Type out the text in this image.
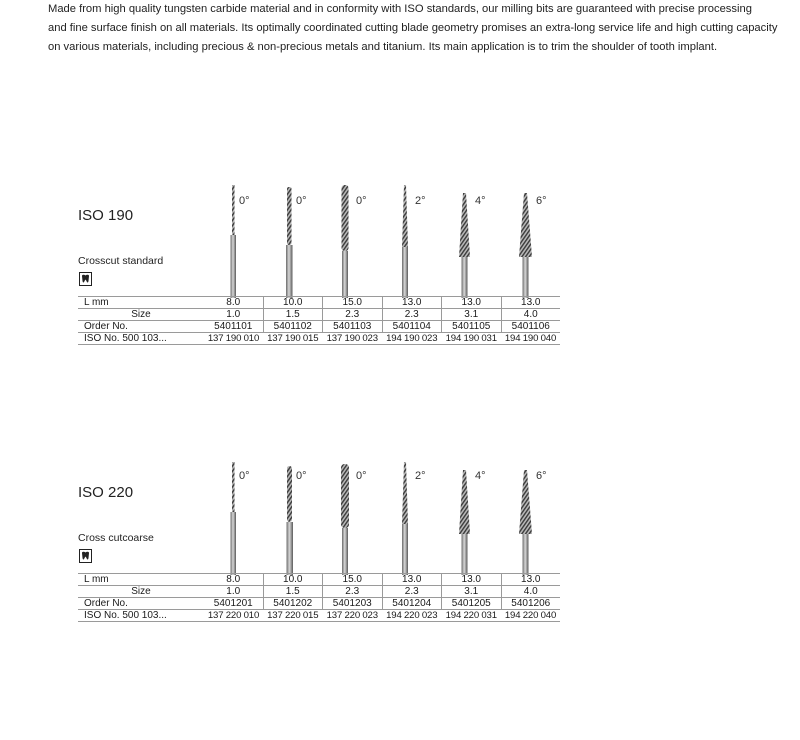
Made from high quality tungsten carbide material and in conformity with ISO standards, our milling bits are guaranteed with precise processing
and fine surface finish on all materials. Its optimally coordinated cutting blade geometry promises an extra-long service life and high cutting capacity
on various materials, including precious & non-precious metals and titanium. Its main application is to trim the shoulder of tooth implant.
0°	0°	0°	2°	4°	6°
ISO 190
Crosscut standard
L mm	8.0	10.0	15.0	13.0	13.0	13.0
Size	1.0	1.5	2.3	2.3	3.1	4.0
Order No.	5401101	5401102	5401103	5401104	5401105	5401106
ISO No. 500 103...	137 190 010	137 190 015	137 190 023	194 190 023	194 190 031	194 190 040
0°	0°	0°	2°	4°	6°
ISO 220
Cross cutcoarse
L mm	8.0	10.0	15.0	13.0	13.0	13.0
Size	1.0	1.5	2.3	2.3	3.1	4.0
Order No.	5401201	5401202	5401203	5401204	5401205	5401206
ISO No. 500 103...	137 220 010	137 220 015	137 220 023	194 220 023	194 220 031	194 220 040
